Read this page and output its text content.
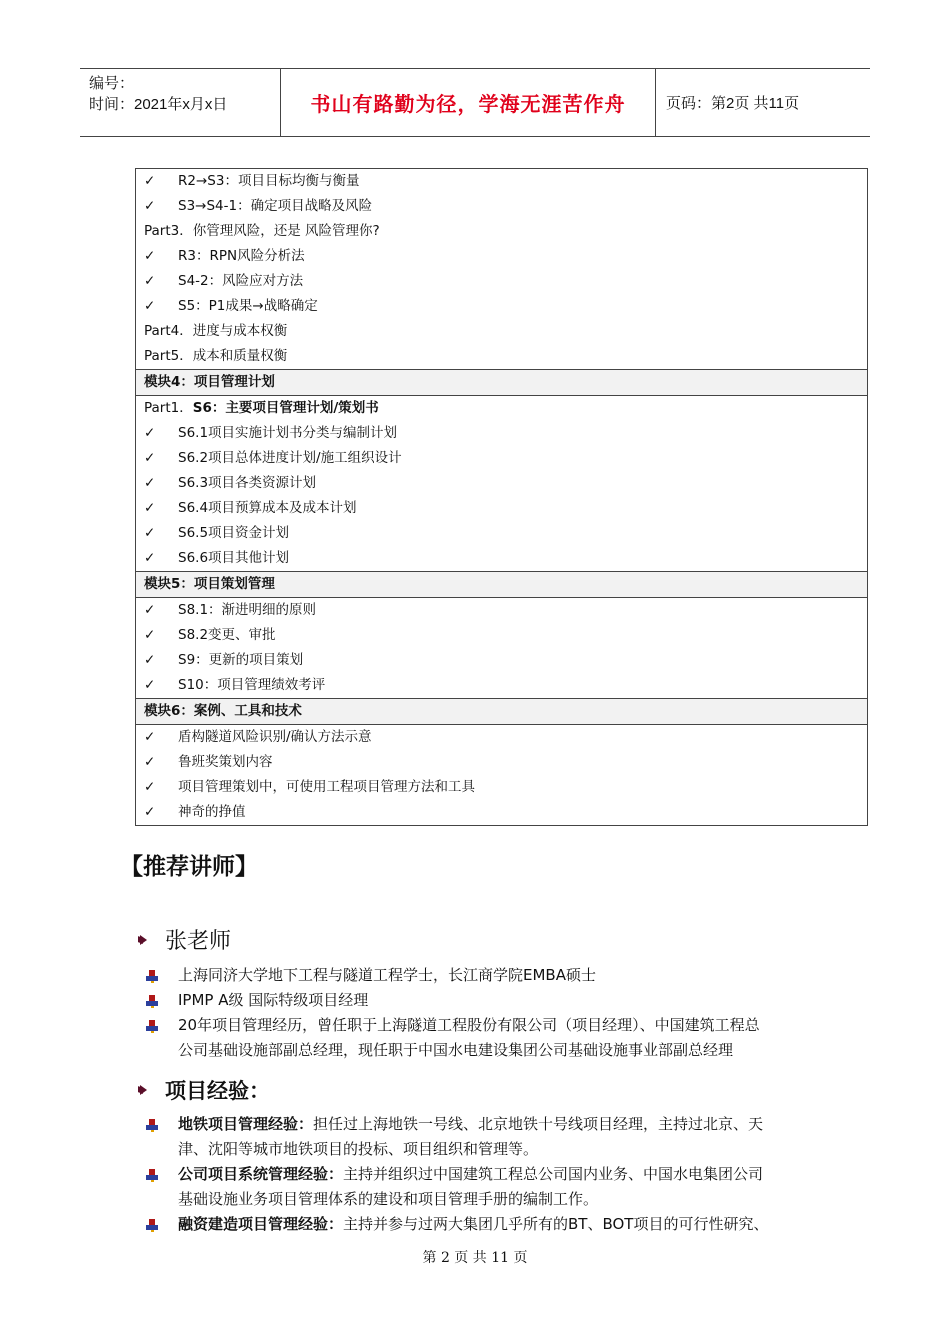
编号：
时间：2021年x月x日	书山有路勤为径，学海无涯苦作舟	页码：第2页 共11页
✓ R2→S3：项目目标均衡与衡量
✓ S3→S4-1：确定项目战略及风险
Part3．你管理风险，还是 风险管理你?
✓ R3：RPN风险分析法
✓ S4-2：风险应对方法
✓ S5：P1成果→战略确定
Part4．进度与成本权衡
Part5．成本和质量权衡
模块4：项目管理计划
Part1．S6：主要项目管理计划/策划书
✓ S6.1项目实施计划书分类与编制计划
✓ S6.2项目总体进度计划/施工组织设计
✓ S6.3项目各类资源计划
✓ S6.4项目预算成本及成本计划
✓ S6.5项目资金计划
✓ S6.6项目其他计划
模块5：项目策划管理
✓ S8.1：渐进明细的原则
✓ S8.2变更、审批
✓ S9：更新的项目策划
✓ S10：项目管理绩效考评
模块6：案例、工具和技术
✓ 盾构隧道风险识别/确认方法示意
✓ 鲁班奖策划内容
✓ 项目管理策划中，可使用工程项目管理方法和工具
✓ 神奇的挣值
【推荐讲师】
张老师
上海同济大学地下工程与隧道工程学士，长江商学院EMBA硕士
IPMP A级 国际特级项目经理
20年项目管理经历，曾任职于上海隧道工程股份有限公司（项目经理）、中国建筑工程总
公司基础设施部副总经理，现任职于中国水电建设集团公司基础设施事业部副总经理
项目经验：
地铁项目管理经验：担任过上海地铁一号线、北京地铁十号线项目经理，主持过北京、天
津、沈阳等城市地铁项目的投标、项目组织和管理等。
公司项目系统管理经验：主持并组织过中国建筑工程总公司国内业务、中国水电集团公司
基础设施业务项目管理体系的建设和项目管理手册的编制工作。
融资建造项目管理经验：主持并参与过两大集团几乎所有的BT、BOT项目的可行性研究、
第 2 页 共 11 页
